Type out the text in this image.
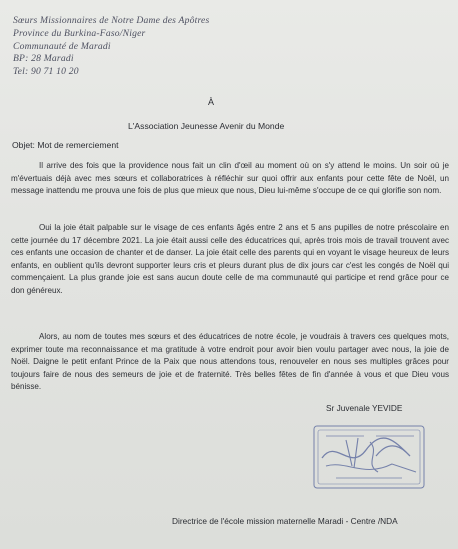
Sœurs Missionnaires de Notre Dame des Apôtres
Province du Burkina-Faso/Niger
Communauté de Maradi
BP: 28 Maradi
Tel: 90 71 10 20
À
L'Association Jeunesse Avenir du Monde
Objet: Mot de remerciement

Il arrive des fois que la providence nous fait un clin d'œil au moment où on s'y attend le moins. Un soir où je m'évertuais déjà avec mes sœurs et collaboratrices à réfléchir sur quoi offrir aux enfants pour cette fête de Noël, un message inattendu me prouva une fois de plus que mieux que nous, Dieu lui-même s'occupe de ce qui glorifie son nom.

Oui la joie était palpable sur le visage de ces enfants âgés entre 2 ans et 5 ans pupilles de notre préscolaire en cette journée du 17 décembre 2021. La joie était aussi celle des éducatrices qui, après trois mois de travail trouvent avec ces enfants une occasion de chanter et de danser. La joie était celle des parents qui en voyant le visage heureux de leurs enfants, en oublient qu'ils devront supporter leurs cris et pleurs durant plus de dix jours car c'est les congés de Noël qui commençaient. La plus grande joie est sans aucun doute celle de ma communauté qui participe et rend grâce pour ce don généreux.

Alors, au nom de toutes mes sœurs et des éducatrices de notre école, je voudrais à travers ces quelques mots, exprimer toute ma reconnaissance et ma gratitude à votre endroit pour avoir bien voulu partager avec nous, la joie de Noël. Daigne le petit enfant Prince de la Paix que nous attendons tous, renouveler en nous ses multiples grâces pour toujours faire de nous des semeurs de joie et de fraternité. Très belles fêtes de fin d'année à vous et que Dieu vous bénisse.

Sr Juvenale YEVIDE
Directrice de l'école mission maternelle Maradi - Centre /NDA
